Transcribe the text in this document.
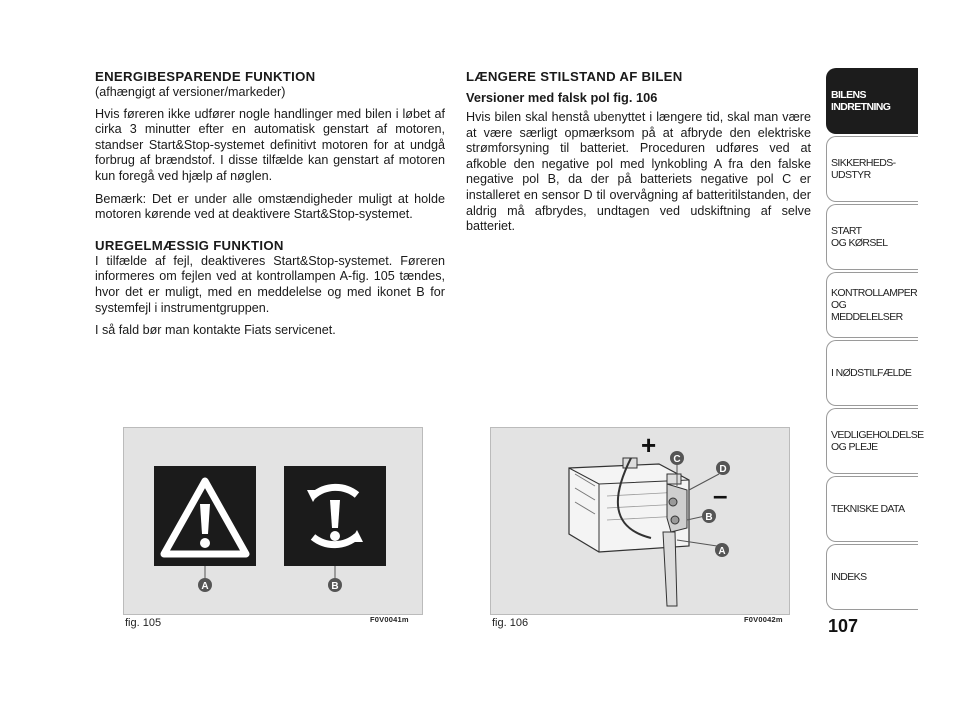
ENERGIBESPARENDE FUNKTION

(afhængigt af versioner/markeder)

Hvis føreren ikke udfører nogle handlinger med bilen i løbet af cirka 3 minutter efter en automatisk genstart af motoren, standser Start&Stop-systemet definitivt motoren for at undgå forbrug af brændstof. I disse tilfælde kan genstart af motoren kun foregå ved hjælp af nøglen.

Bemærk: Det er under alle omstændigheder muligt at holde motoren kørende ved at deaktivere Start&Stop-systemet.

UREGELMÆSSIG FUNKTION

I tilfælde af fejl, deaktiveres Start&Stop-systemet. Føreren informeres om fejlen ved at kontrollampen A-fig. 105 tændes, hvor det er muligt, med en meddelelse og med ikonet B for systemfejl i instrumentgruppen.

I så fald bør man kontakte Fiats servicenet.

LÆNGERE STILSTAND AF BILEN
Versioner med falsk pol fig. 106

Hvis bilen skal henstå ubenyttet i længere tid, skal man være at være særligt opmærksom på at afbryde den elektriske strømforsyning til batteriet. Proceduren udføres ved at afkoble den negative pol med lynkobling A fra den falske negative pol B, da der på batteriets negative pol C er installeret en sensor D til overvågning af batteritilstanden, der aldrig må afbrydes, undtagen ved udskiftning af selve batteriet.

A	B
fig. 105	F0V0041m
+
–
C
D
B
A
fig. 106	F0V0042m
BILENS
INDRETNING
SIKKERHEDS-
UDSTYR
START
OG KØRSEL
KONTROLLAMPER
OG MEDDELELSER
I NØDSTILFÆLDE
VEDLIGEHOLDELSE
OG PLEJE
TEKNISKE DATA
INDEKS
107
